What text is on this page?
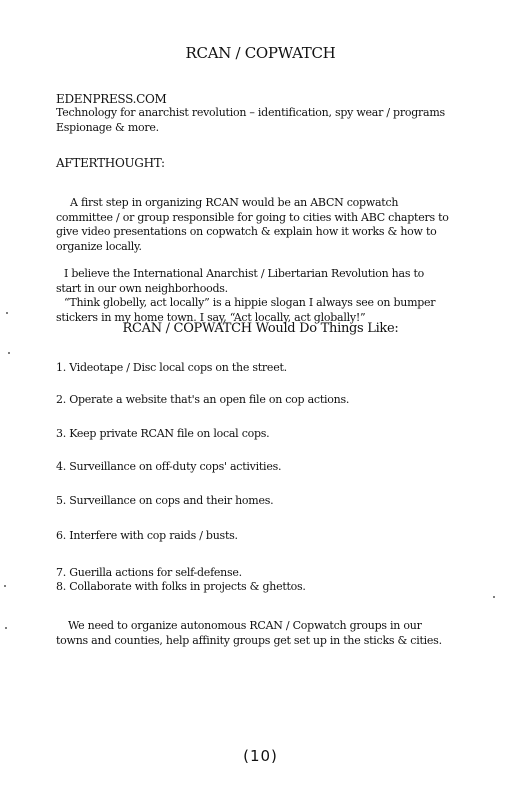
RCAN / COPWATCH
EDENPRESS.COM
Technology for anarchist revolution – identification, spy wear / programs
Espionage & more.
AFTERTHOUGHT:
A first step in organizing RCAN would be an ABCN copwatch
committee / or group responsible for going to cities with ABC chapters to
give video presentations on copwatch & explain how it works & how to
organize locally.
I believe the International Anarchist / Libertarian Revolution has to
start in our own neighborhoods.
“Think globelly, act locally” is a hippie slogan I always see on bumper
stickers in my home town. I say, “Act locally, act globally!”
RCAN / COPWATCH Would Do Things Like:
1. Videotape / Disc local cops on the street.
2. Operate a website that's an open file on cop actions.
3. Keep private RCAN file on local cops.
4. Surveillance on off-duty cops' activities.
5. Surveillance on cops and their homes.
6. Interfere with cop raids / busts.
7. Guerilla actions for self-defense.
8. Collaborate with folks in projects & ghettos.
We need to organize autonomous RCAN / Copwatch groups in our
towns and counties, help affinity groups get set up in the sticks & cities.
(10)
